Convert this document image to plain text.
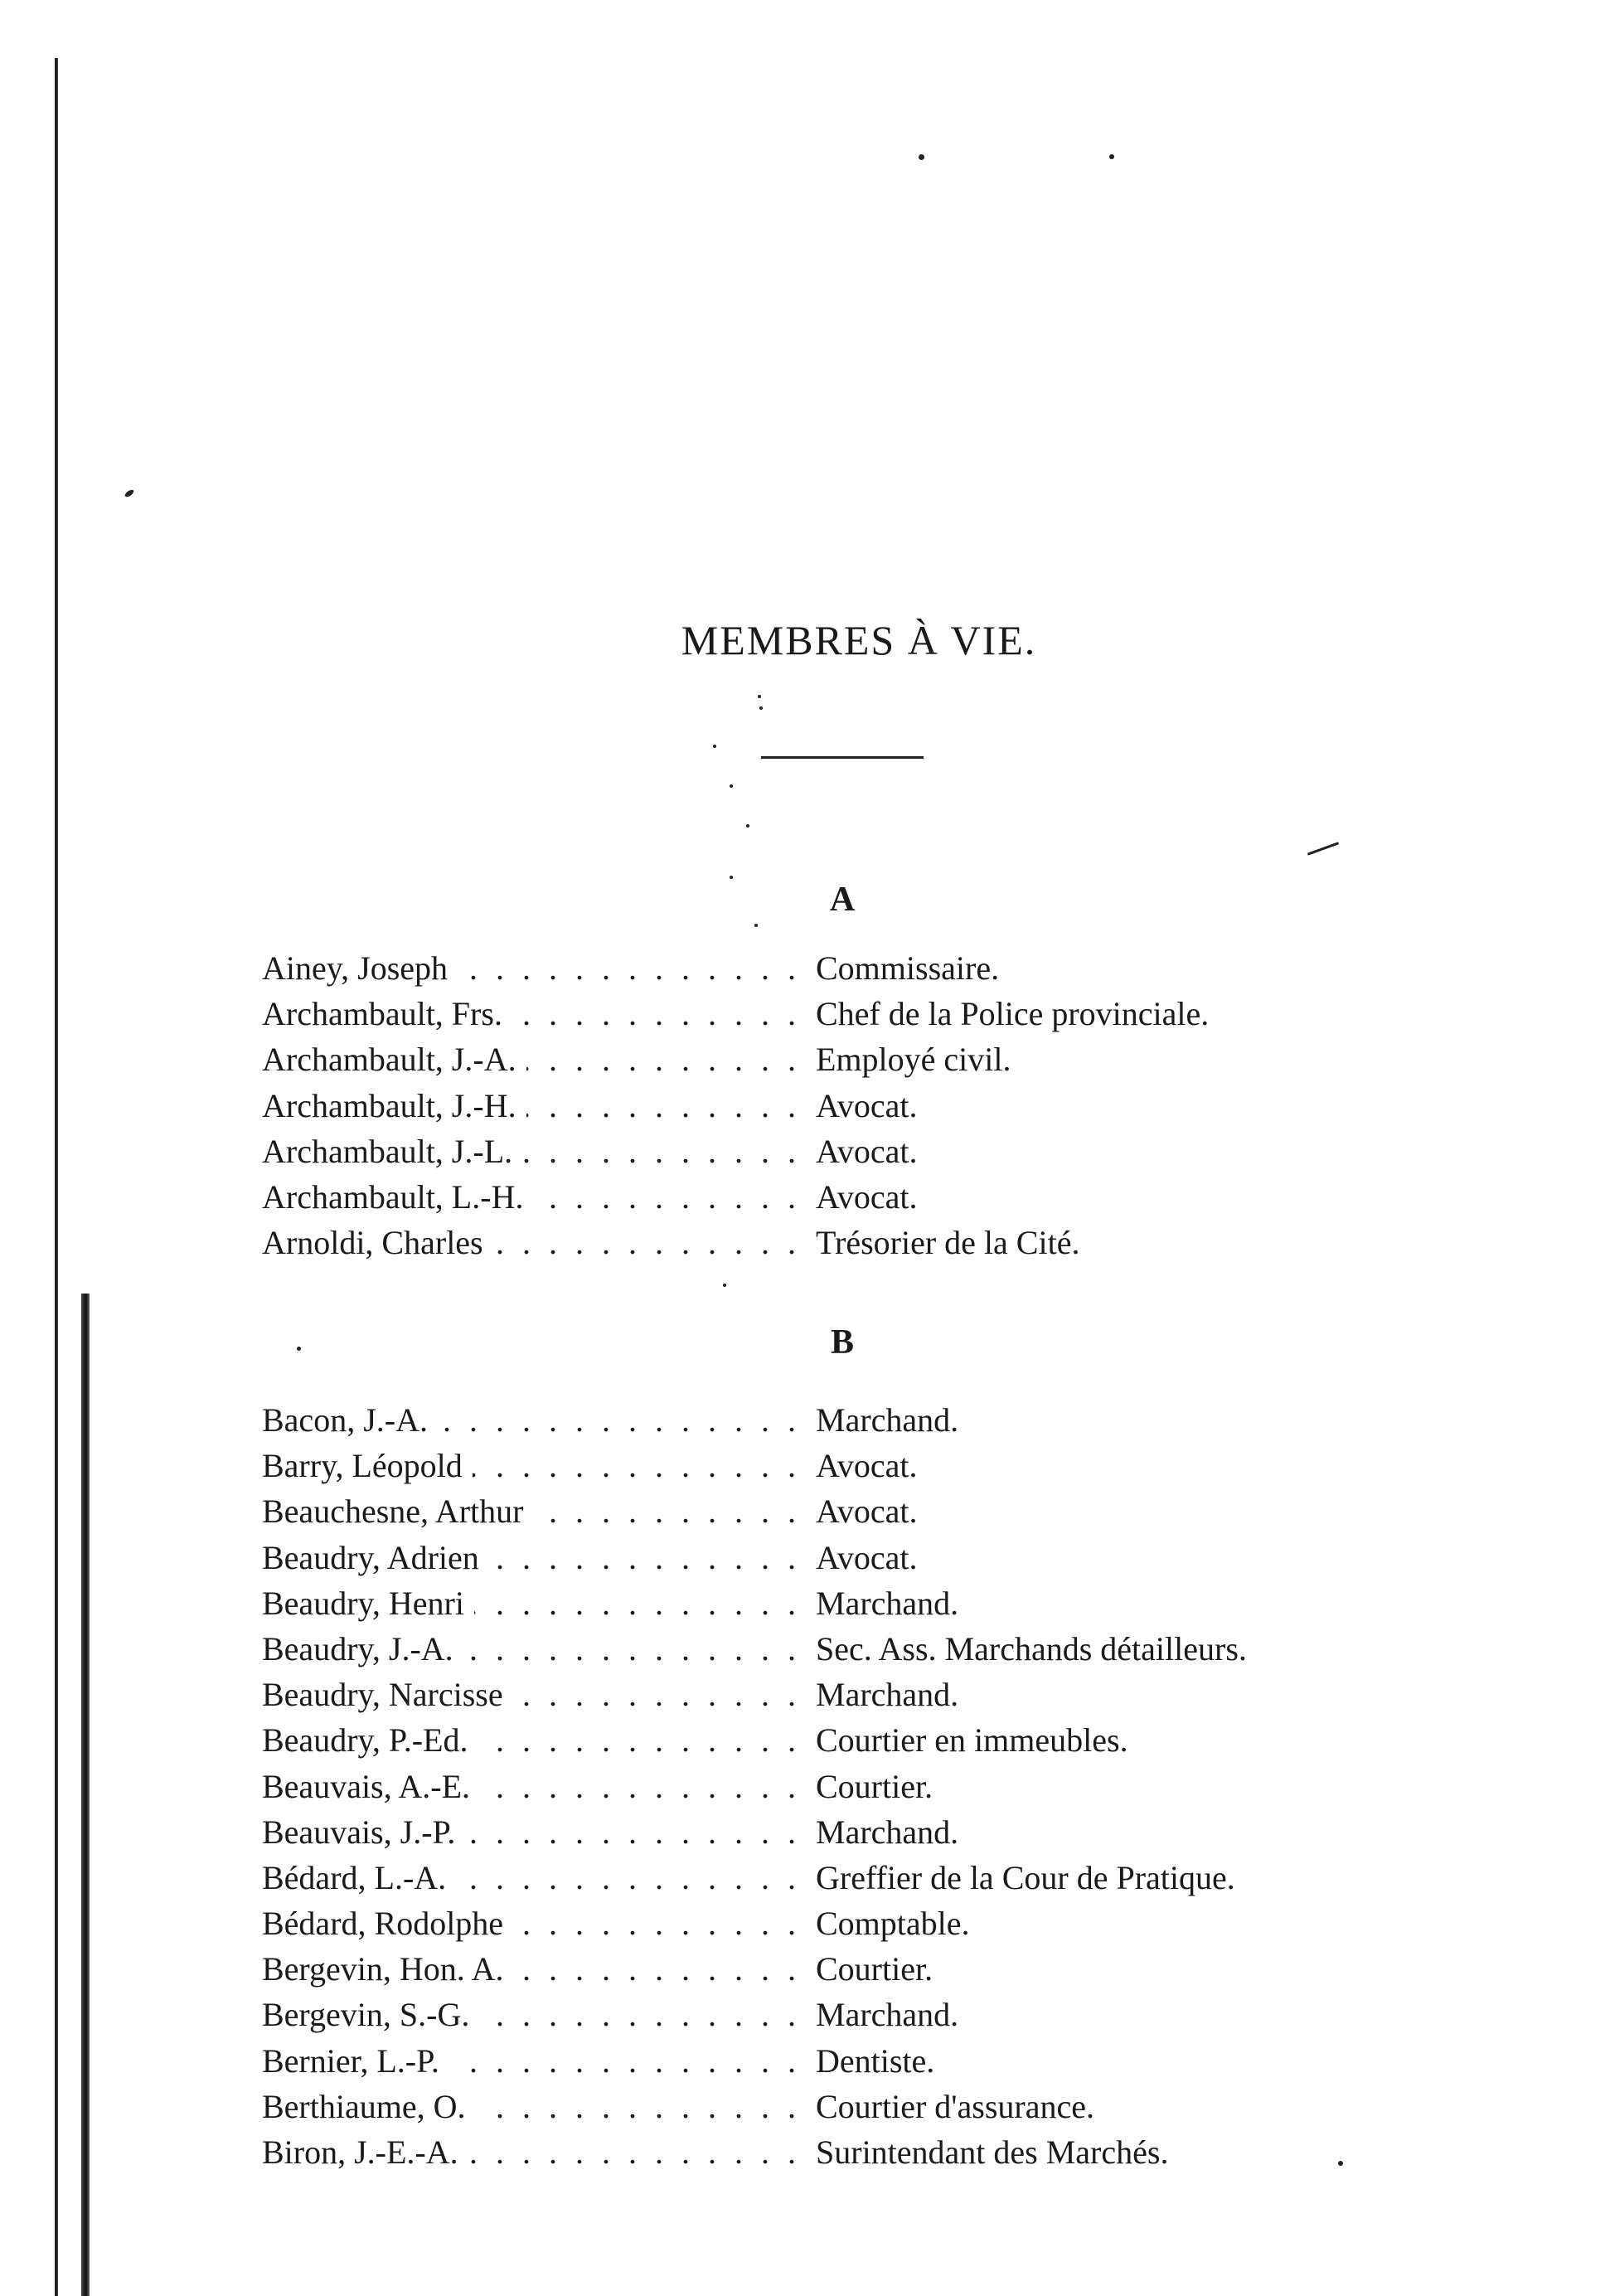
MEMBRES À VIE.
A
. . .
Ainey, Joseph	Commissaire.
. . .
Archambault, Frs.	Chef de la Police provinciale.
. . .
Archambault, J.-A.	Employé civil.
. . .
Archambault, J.-H.	Avocat.
. . .
Archambault, J.-L.	Avocat.
. . .
Archambault, L.-H.	Avocat.
. . .
Arnoldi, Charles	Trésorier de la Cité.
B
. . .
Bacon, J.-A.	Marchand.
. . .
Barry, Léopold	Avocat.
. . .
Beauchesne, Arthur	Avocat.
. . .
Beaudry, Adrien	Avocat.
. . .
Beaudry, Henri	Marchand.
. . .
Beaudry, J.-A.	Sec. Ass. Marchands détailleurs.
. . .
Beaudry, Narcisse	Marchand.
. . .
Beaudry, P.-Ed.	Courtier en immeubles.
. . .
Beauvais, A.-E.	Courtier.
. . .
Beauvais, J.-P.	Marchand.
. . .
Bédard, L.-A.	Greffier de la Cour de Pratique.
. . .
Bédard, Rodolphe	Comptable.
. . .
Bergevin, Hon. A.	Courtier.
. . .
Bergevin, S.-G.	Marchand.
. . .
Bernier, L.-P.	Dentiste.
. . .
Berthiaume, O.	Courtier d'assurance.
. . .
Biron, J.-E.-A.	Surintendant des Marchés.
